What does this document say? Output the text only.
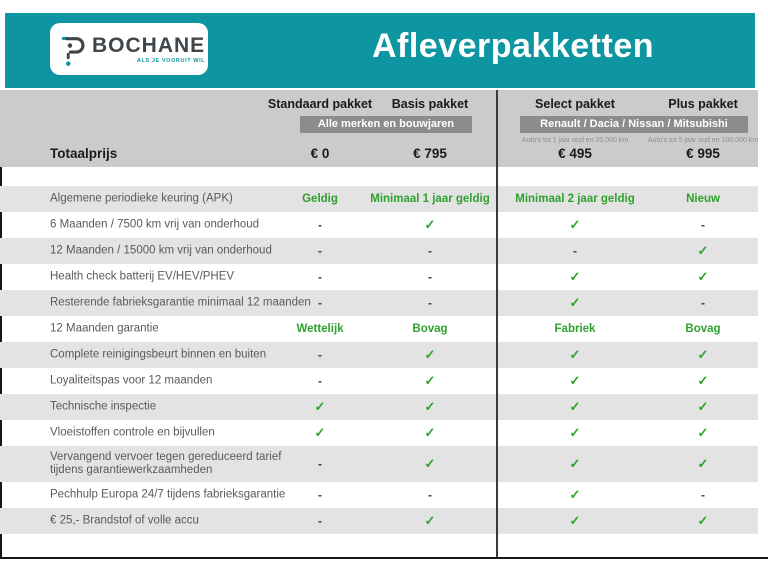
BOCHANE
ALS JE VOORUIT WIL	Afleverpakketten
Standaard pakket	Basis pakket	Select pakket	Plus pakket
Alle merken en bouwjaren	Renault / Dacia / Nissan / Mitsubishi
Auto's tot 1 jaar oud en 20.000 km	Auto's tot 5 jaar oud en 100.000 km
Totaalprijs	€ 0	€ 795	€ 495	€ 995
Algemene periodieke keuring (APK)	Geldig	Minimaal 1 jaar geldig	Minimaal 2 jaar geldig	Nieuw
6 Maanden / 7500 km vrij van onderhoud	-	✓	✓	-
12 Maanden / 15000 km vrij van onderhoud	-	-	-	✓
Health check batterij EV/HEV/PHEV	-	-	✓	✓
Resterende fabrieksgarantie minimaal 12 maanden -	-	✓	-
12 Maanden garantie	Wettelijk	Bovag	Fabriek	Bovag
Complete reinigingsbeurt binnen en buiten	-	✓	✓	✓
Loyaliteitspas voor 12 maanden	-	✓	✓	✓
Technische inspectie	✓	✓	✓	✓
Vloeistoffen controle en bijvullen	✓	✓	✓	✓
Vervangend vervoer tegen gereduceerd tarief
tijdens garantiewerkzaamheden	-	✓	✓	✓
Pechhulp Europa 24/7 tijdens fabrieksgarantie	-	-	✓	-
€ 25,- Brandstof of volle accu	-	✓	✓	✓
